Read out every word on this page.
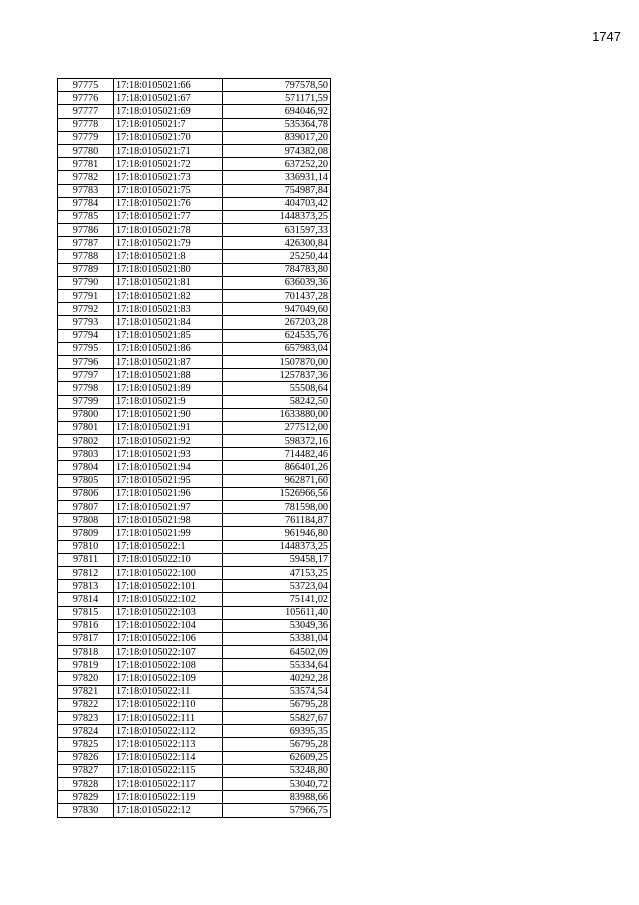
1747
97775	17:18:0105021:66	797578,50
97776	17:18:0105021:67	571171,59
97777	17:18:0105021:69	694046,92
97778	17:18:0105021:7	535364,78
97779	17:18:0105021:70	839017,20
97780	17:18:0105021:71	974382,08
97781	17:18:0105021:72	637252,20
97782	17:18:0105021:73	336931,14
97783	17:18:0105021:75	754987,84
97784	17:18:0105021:76	404703,42
97785	17:18:0105021:77	1448373,25
97786	17:18:0105021:78	631597,33
97787	17:18:0105021:79	426300,84
97788	17:18:0105021:8	25250,44
97789	17:18:0105021:80	784783,80
97790	17:18:0105021:81	636039,36
97791	17:18:0105021:82	701437,28
97792	17:18:0105021:83	947049,60
97793	17:18:0105021:84	267203,28
97794	17:18:0105021:85	624535,76
97795	17:18:0105021:86	657983,04
97796	17:18:0105021:87	1507870,00
97797	17:18:0105021:88	1257837,36
97798	17:18:0105021:89	55508,64
97799	17:18:0105021:9	58242,50
97800	17:18:0105021:90	1633880,00
97801	17:18:0105021:91	277512,00
97802	17:18:0105021:92	598372,16
97803	17:18:0105021:93	714482,46
97804	17:18:0105021:94	866401,26
97805	17:18:0105021:95	962871,60
97806	17:18:0105021:96	1526966,56
97807	17:18:0105021:97	781598,00
97808	17:18:0105021:98	761184,87
97809	17:18:0105021:99	961946,80
97810	17:18:0105022:1	1448373,25
97811	17:18:0105022:10	59458,17
97812	17:18:0105022:100	47153,25
97813	17:18:0105022:101	53723,04
97814	17:18:0105022:102	75141,02
97815	17:18:0105022:103	105611,40
97816	17:18:0105022:104	53049,36
97817	17:18:0105022:106	53381,04
97818	17:18:0105022:107	64502,09
97819	17:18:0105022:108	55334,64
97820	17:18:0105022:109	40292,28
97821	17:18:0105022:11	53574,54
97822	17:18:0105022:110	56795,28
97823	17:18:0105022:111	55827,67
97824	17:18:0105022:112	69395,35
97825	17:18:0105022:113	56795,28
97826	17:18:0105022:114	62609,25
97827	17:18:0105022:115	53248,80
97828	17:18:0105022:117	53040,72
97829	17:18:0105022:119	83988,66
97830	17:18:0105022:12	57966,75
